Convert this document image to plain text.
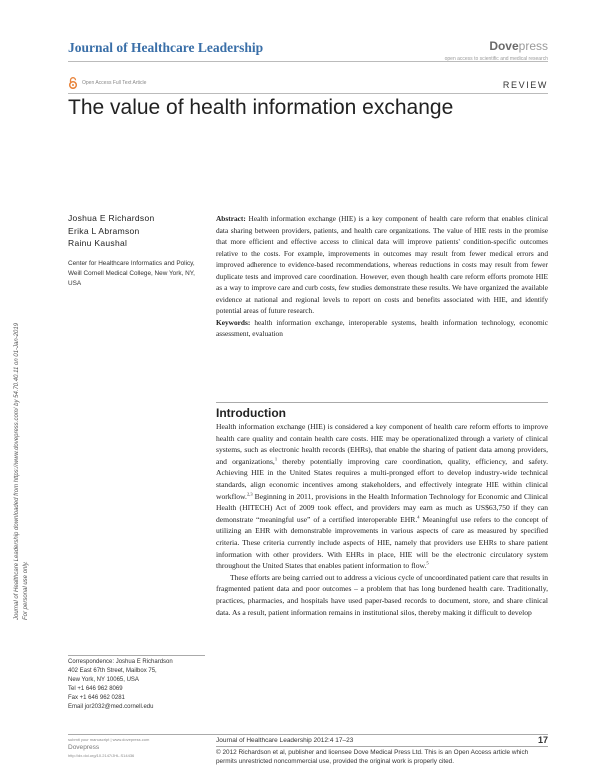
Journal of Healthcare Leadership	Dovepress
open access to scientific and medical research
Open Access Full Text Article	REVIEW
The value of health information exchange
Journal of Healthcare Leadership downloaded from https://www.dovepress.com/ by 54.70.40.11 on 01-Jan-2019 For personal use only.
Joshua E Richardson
Erika L Abramson
Rainu Kaushal
Center for Healthcare Informatics and Policy, Weill Cornell Medical College, New York, NY, USA

Abstract: Health information exchange (HIE) is a key component of health care reform that enables clinical data sharing between providers, patients, and health care organizations. The value of HIE rests in the promise that more efficient and effective access to clinical data will improve patients' condition-specific outcomes relative to the costs. For example, improvements in outcomes may result from fewer medical errors and improved adherence to evidence-based recommendations, whereas reductions in costs may result from fewer duplicate tests and improved care coordination. However, even though health care reform efforts promote HIE as a way to improve care and curb costs, few studies demonstrate these results. We have organized the available evidence at national and regional levels to report on costs and benefits associated with HIE, and identify potential areas of future research.

Keywords: health information exchange, interoperable systems, health information technology, economic assessment, evaluation

Introduction

Health information exchange (HIE) is considered a key component of health care reform efforts to improve health care quality and contain health care costs. HIE may be operationalized through a variety of clinical systems, such as electronic health records (EHRs), that enable the sharing of patient data among providers, and organizations,$^1$ thereby potentially improving care coordination, quality, efficiency, and safety. Achieving HIE in the United States requires a multi-pronged effort to develop industry-wide technical standards, align economic incentives among stakeholders, and effectively integrate HIE within clinical workflow.$^{2,3}$ Beginning in 2011, provisions in the Health Information Technology for Economic and Clinical Health (HITECH) Act of 2009 took effect, and providers may earn as much as US$63,750 if they can demonstrate “meaningful use” of a certified interoperable EHR.$^4$ Meaningful use refers to the concept of utilizing an EHR with demonstrable improvements in various aspects of care as measured by specified criteria. These criteria currently include aspects of HIE, namely that providers use EHRs to share patient information with other providers. With EHRs in place, HIE will be the electronic circulatory system throughout the United States that enables patient information to flow.$^5$

These efforts are being carried out to address a vicious cycle of uncoordinated patient care that results in fragmented patient data and poor outcomes – a problem that has long burdened health care. Traditionally, practices, pharmacies, and hospitals have used paper-based records to document, store, and share clinical data. As a result, patient information remains in institutional silos, thereby making it difficult to develop

Correspondence: Joshua E Richardson
402 East 67th Street, Mailbox 75,
New York, NY 10065, USA
Tel +1 646 962 8069
Fax +1 646 962 0281
Email jor2032@med.cornell.edu
submit your manuscript | www.dovepress.com
Dovepress
http://dx.doi.org/10.2147/JHL.S14436
Journal of Healthcare Leadership 2012:4 17–23	17
© 2012 Richardson et al, publisher and licensee Dove Medical Press Ltd. This is an Open Access article which permits unrestricted noncommercial use, provided the original work is properly cited.
